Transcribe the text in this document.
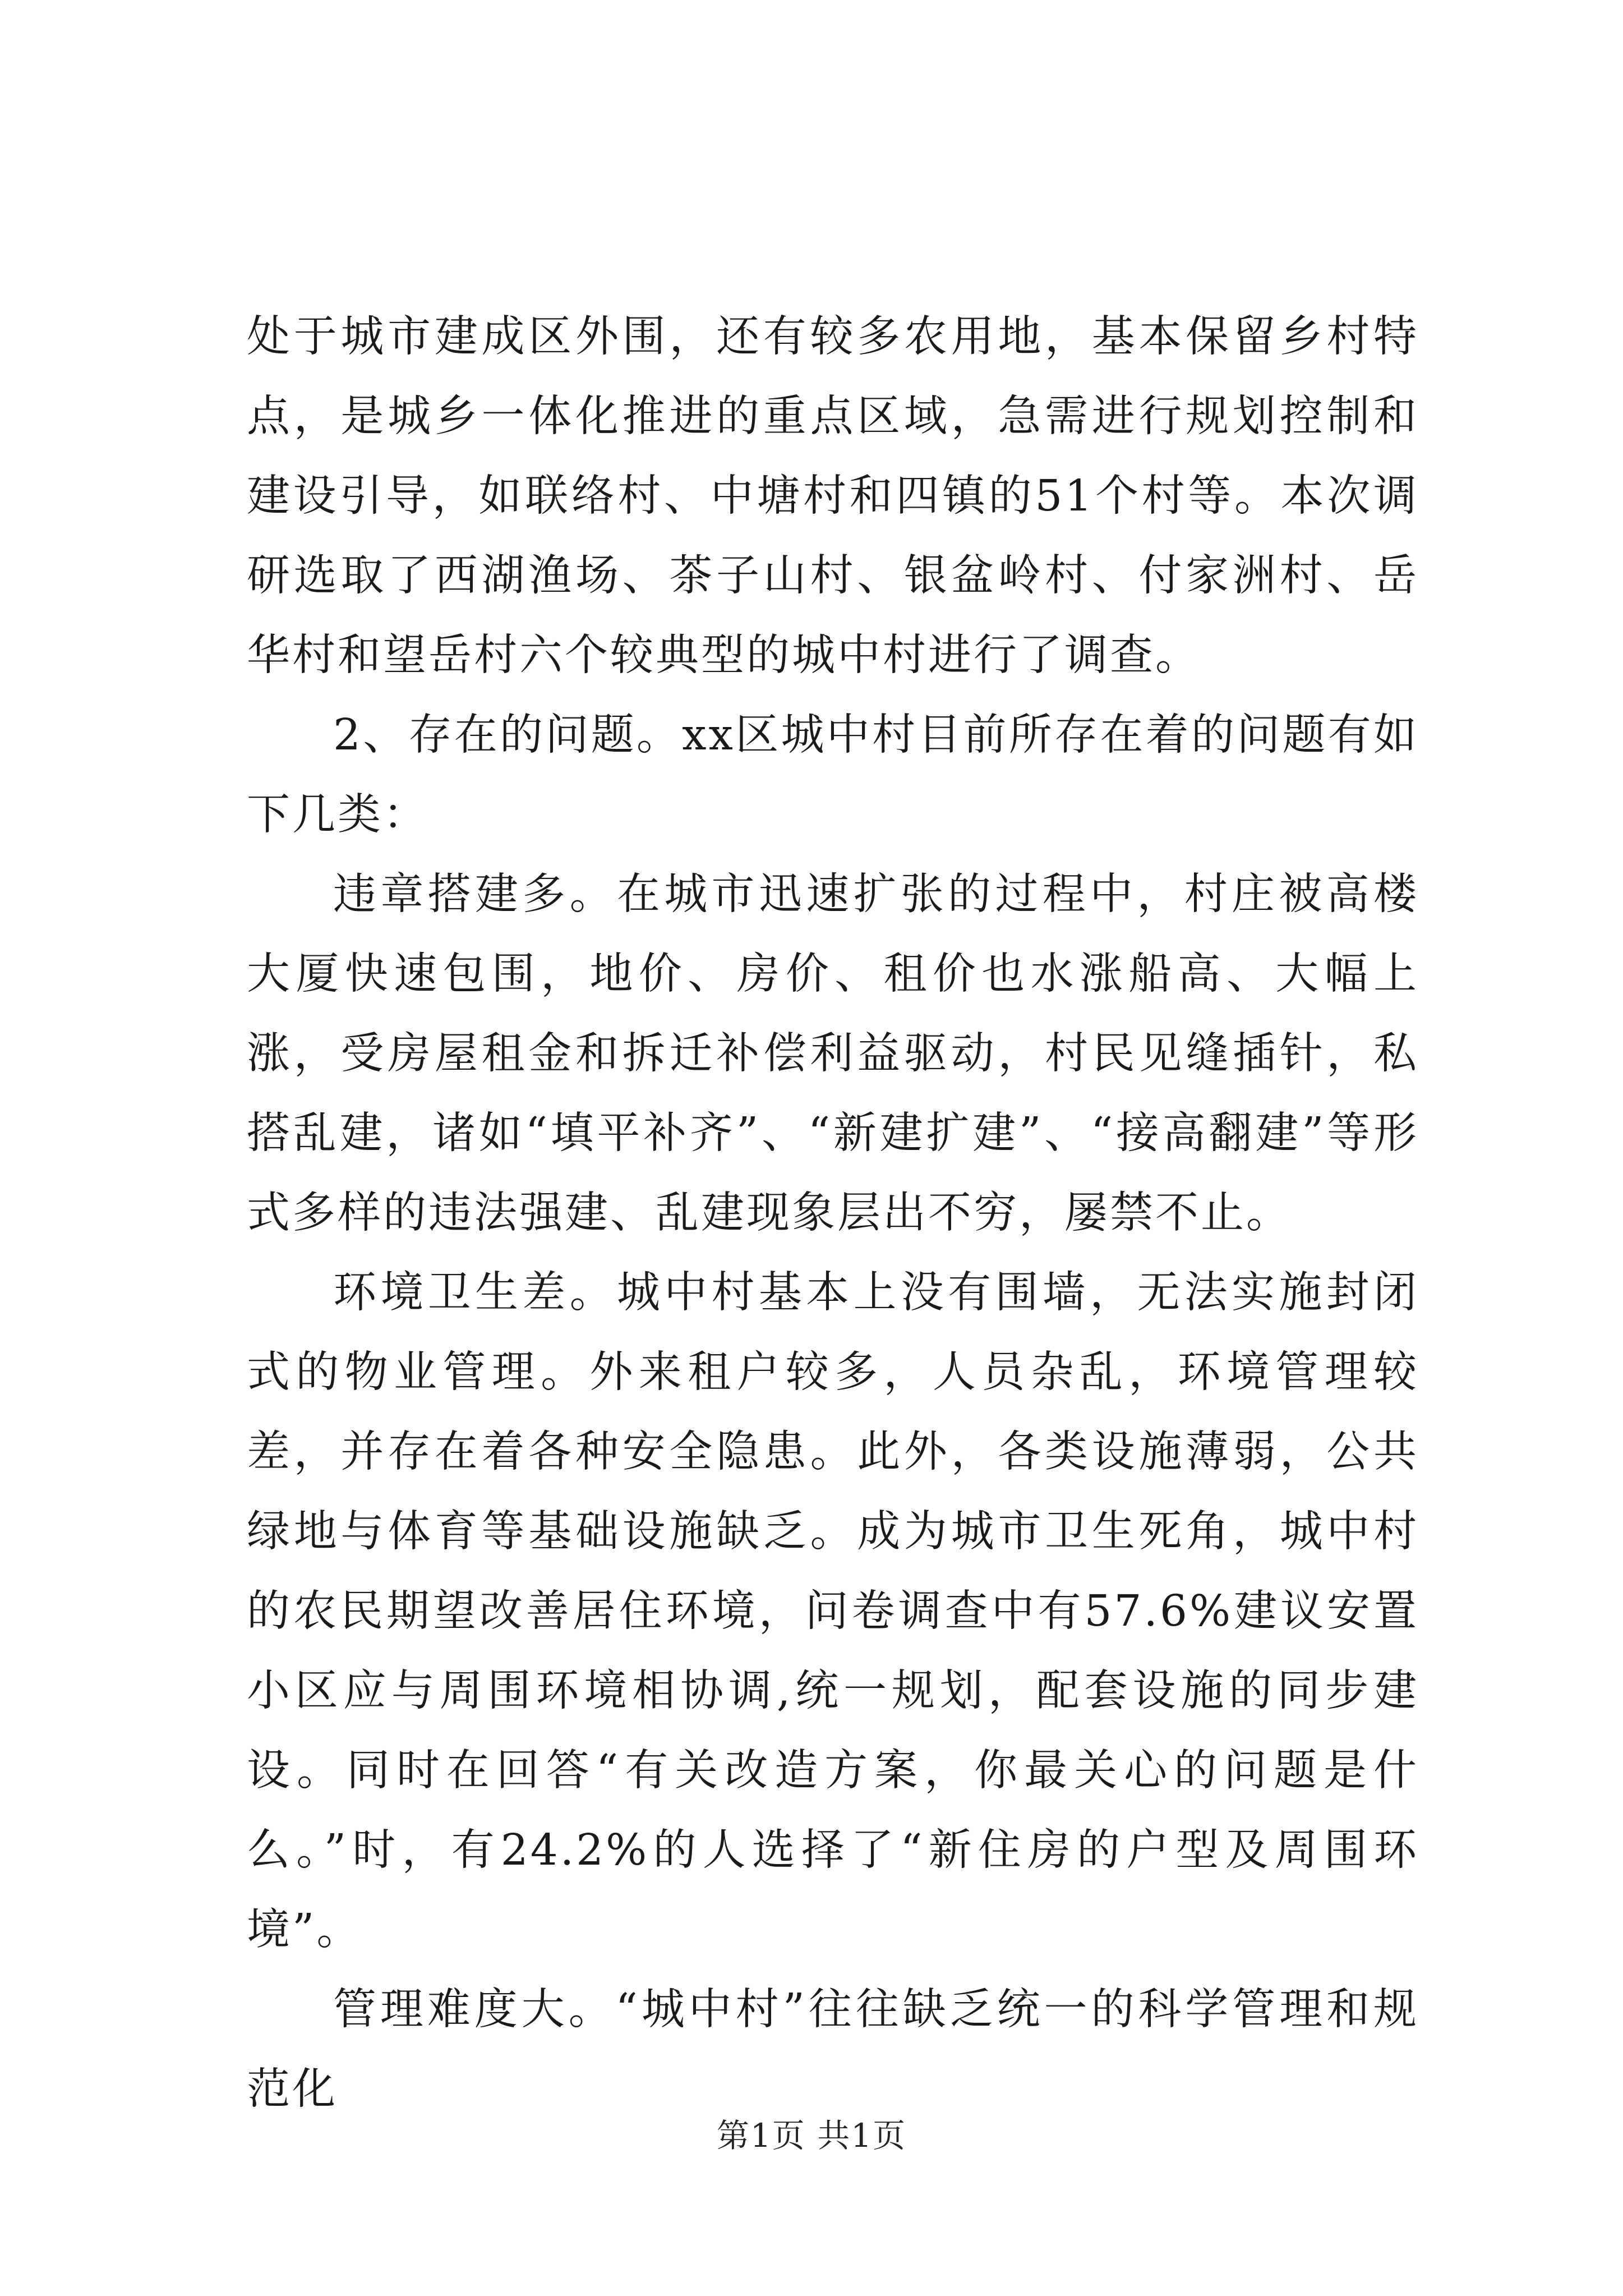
处于城市建成区外围，还有较多农用地，基本保留乡村特点，是城乡一体化推进的重点区域，急需进行规划控制和建设引导，如联络村、中塘村和四镇的51个村等。本次调研选取了西湖渔场、茶子山村、银盆岭村、付家洲村、岳华村和望岳村六个较典型的城中村进行了调查。

2、存在的问题。xx区城中村目前所存在着的问题有如下几类：

违章搭建多。在城市迅速扩张的过程中，村庄被高楼大厦快速包围，地价、房价、租价也水涨船高、大幅上涨，受房屋租金和拆迁补偿利益驱动，村民见缝插针，私搭乱建，诸如“填平补齐”、“新建扩建”、“接高翻建”等形式多样的违法强建、乱建现象层出不穷，屡禁不止。

环境卫生差。城中村基本上没有围墙，无法实施封闭式的物业管理。外来租户较多，人员杂乱，环境管理较差，并存在着各种安全隐患。此外，各类设施薄弱，公共绿地与体育等基础设施缺乏。成为城市卫生死角，城中村的农民期望改善居住环境，问卷调查中有57.6%建议安置小区应与周围环境相协调,统一规划，配套设施的同步建设。同时在回答“有关改造方案，你最关心的问题是什么。”时，有24.2%的人选择了“新住房的户型及周围环境”。

管理难度大。“城中村”往往缺乏统一的科学管理和规范化

第1页 共1页
